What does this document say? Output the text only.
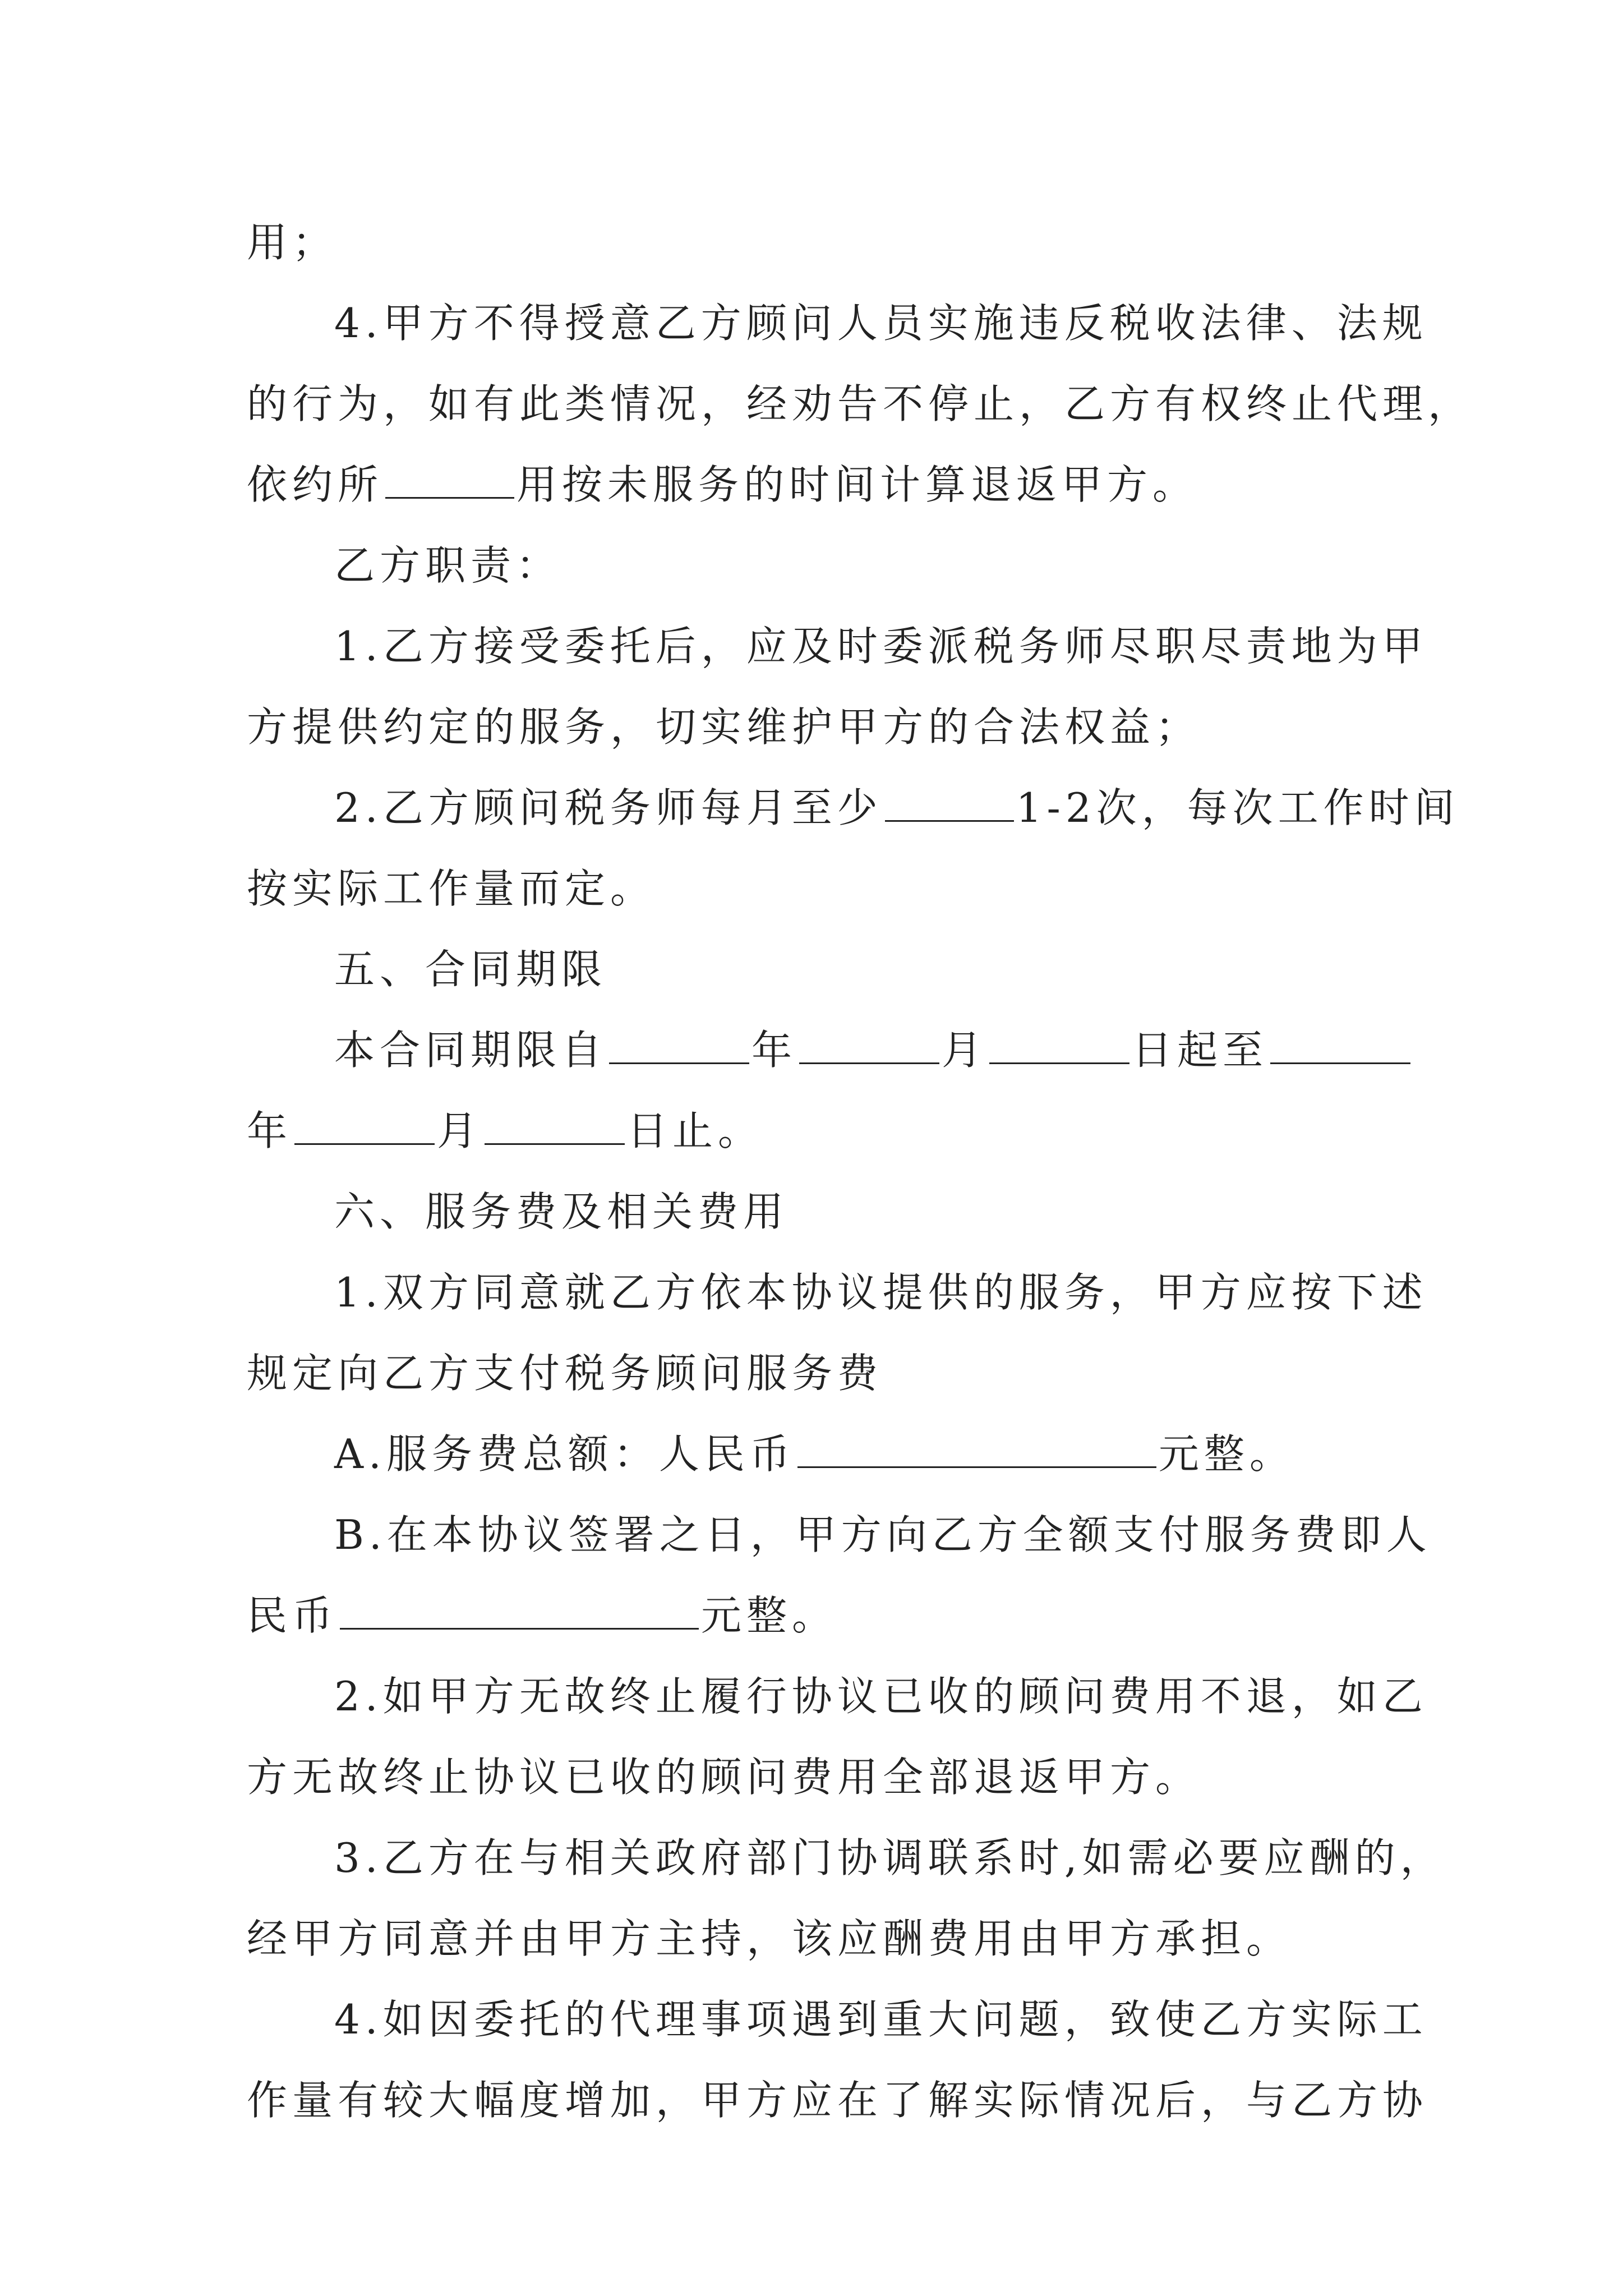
用；
4.甲方不得授意乙方顾问人员实施违反税收法律、法规
的行为，如有此类情况，经劝告不停止，乙方有权终止代理，
依约所	用按未服务的时间计算退返甲方。
乙方职责：
1.乙方接受委托后，应及时委派税务师尽职尽责地为甲
方提供约定的服务，切实维护甲方的合法权益；
2.乙方顾问税务师每月至少	1-2次，每次工作时间
按实际工作量而定。
五、合同期限
本合同期限自	年	月	日起至
年	月	日止。
六、服务费及相关费用
1.双方同意就乙方依本协议提供的服务，甲方应按下述
规定向乙方支付税务顾问服务费
A.服务费总额：人民币	元整。
B.在本协议签署之日，甲方向乙方全额支付服务费即人
民币	元整。
2.如甲方无故终止履行协议已收的顾问费用不退，如乙
方无故终止协议已收的顾问费用全部退返甲方。
3.乙方在与相关政府部门协调联系时,如需必要应酬的，
经甲方同意并由甲方主持，该应酬费用由甲方承担。
4.如因委托的代理事项遇到重大问题，致使乙方实际工
作量有较大幅度增加，甲方应在了解实际情况后，与乙方协
